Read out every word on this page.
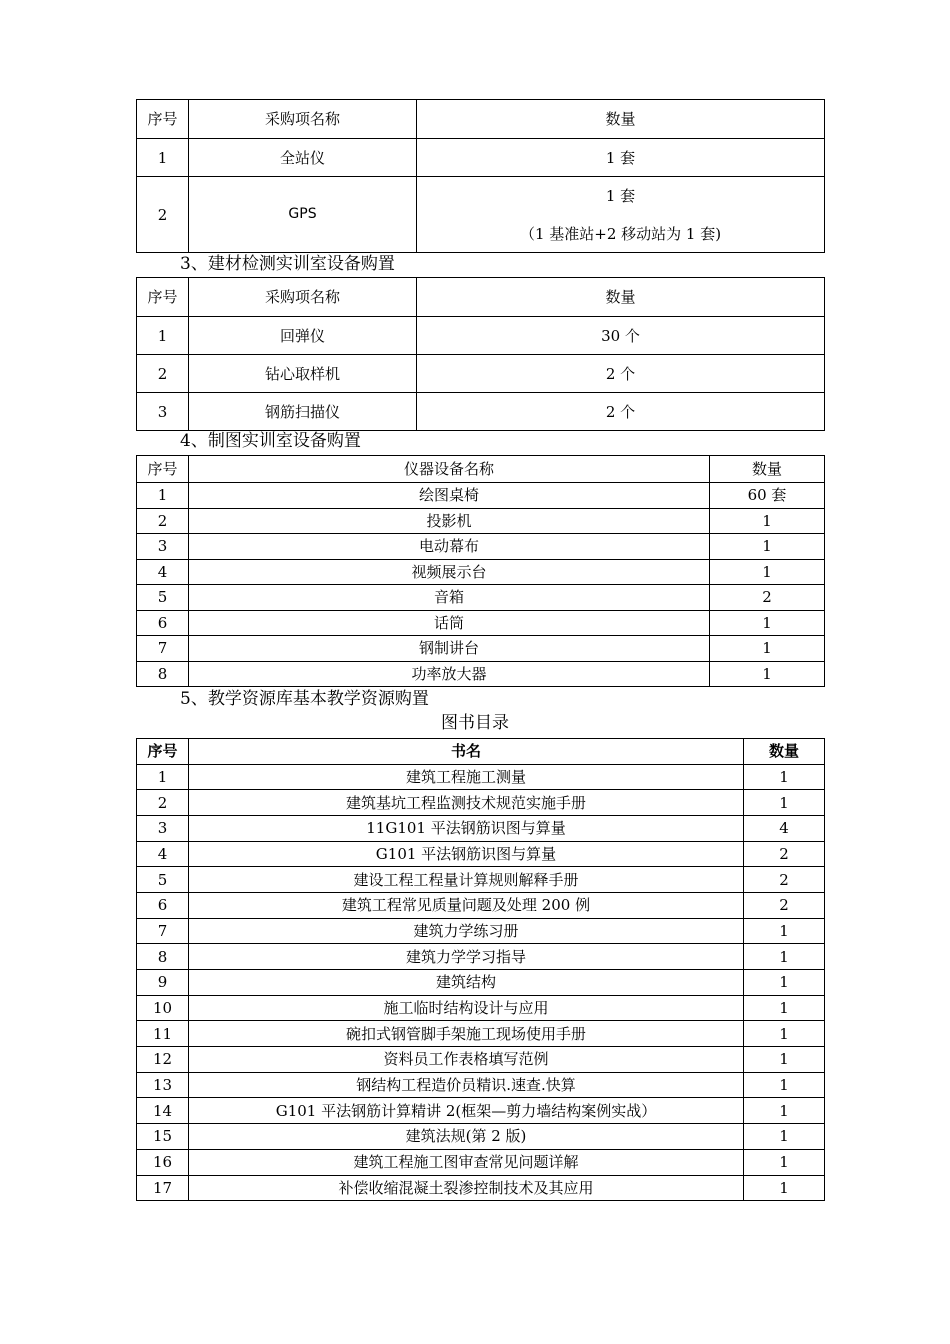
序号	采购项名称	数量
1	全站仪	1 套
2	GPS	1 套
（1 基准站+2 移动站为 1 套)
3、建材检测实训室设备购置
序号	采购项名称	数量
1	回弹仪	30 个
2	钻心取样机	2 个
3	钢筋扫描仪	2 个
4、制图实训室设备购置
序号	仪器设备名称	数量
1	绘图桌椅	60 套
2	投影机	1
3	电动幕布	1
4	视频展示台	1
5	音箱	2
6	话筒	1
7	钢制讲台	1
8	功率放大器	1
5、教学资源库基本教学资源购置
图书目录
序号	书名	数量
1	建筑工程施工测量	1
2	建筑基坑工程监测技术规范实施手册	1
3	11G101 平法钢筋识图与算量	4
4	G101 平法钢筋识图与算量	2
5	建设工程工程量计算规则解释手册	2
6	建筑工程常见质量问题及处理 200 例	2
7	建筑力学练习册	1
8	建筑力学学习指导	1
9	建筑结构	1
10	施工临时结构设计与应用	1
11	碗扣式钢管脚手架施工现场使用手册	1
12	资料员工作表格填写范例	1
13	钢结构工程造价员精识.速查.快算	1
14	G101 平法钢筋计算精讲 2(框架—剪力墙结构案例实战）	1
15	建筑法规(第 2 版)	1
16	建筑工程施工图审查常见问题详解	1
17	补偿收缩混凝土裂渗控制技术及其应用	1
